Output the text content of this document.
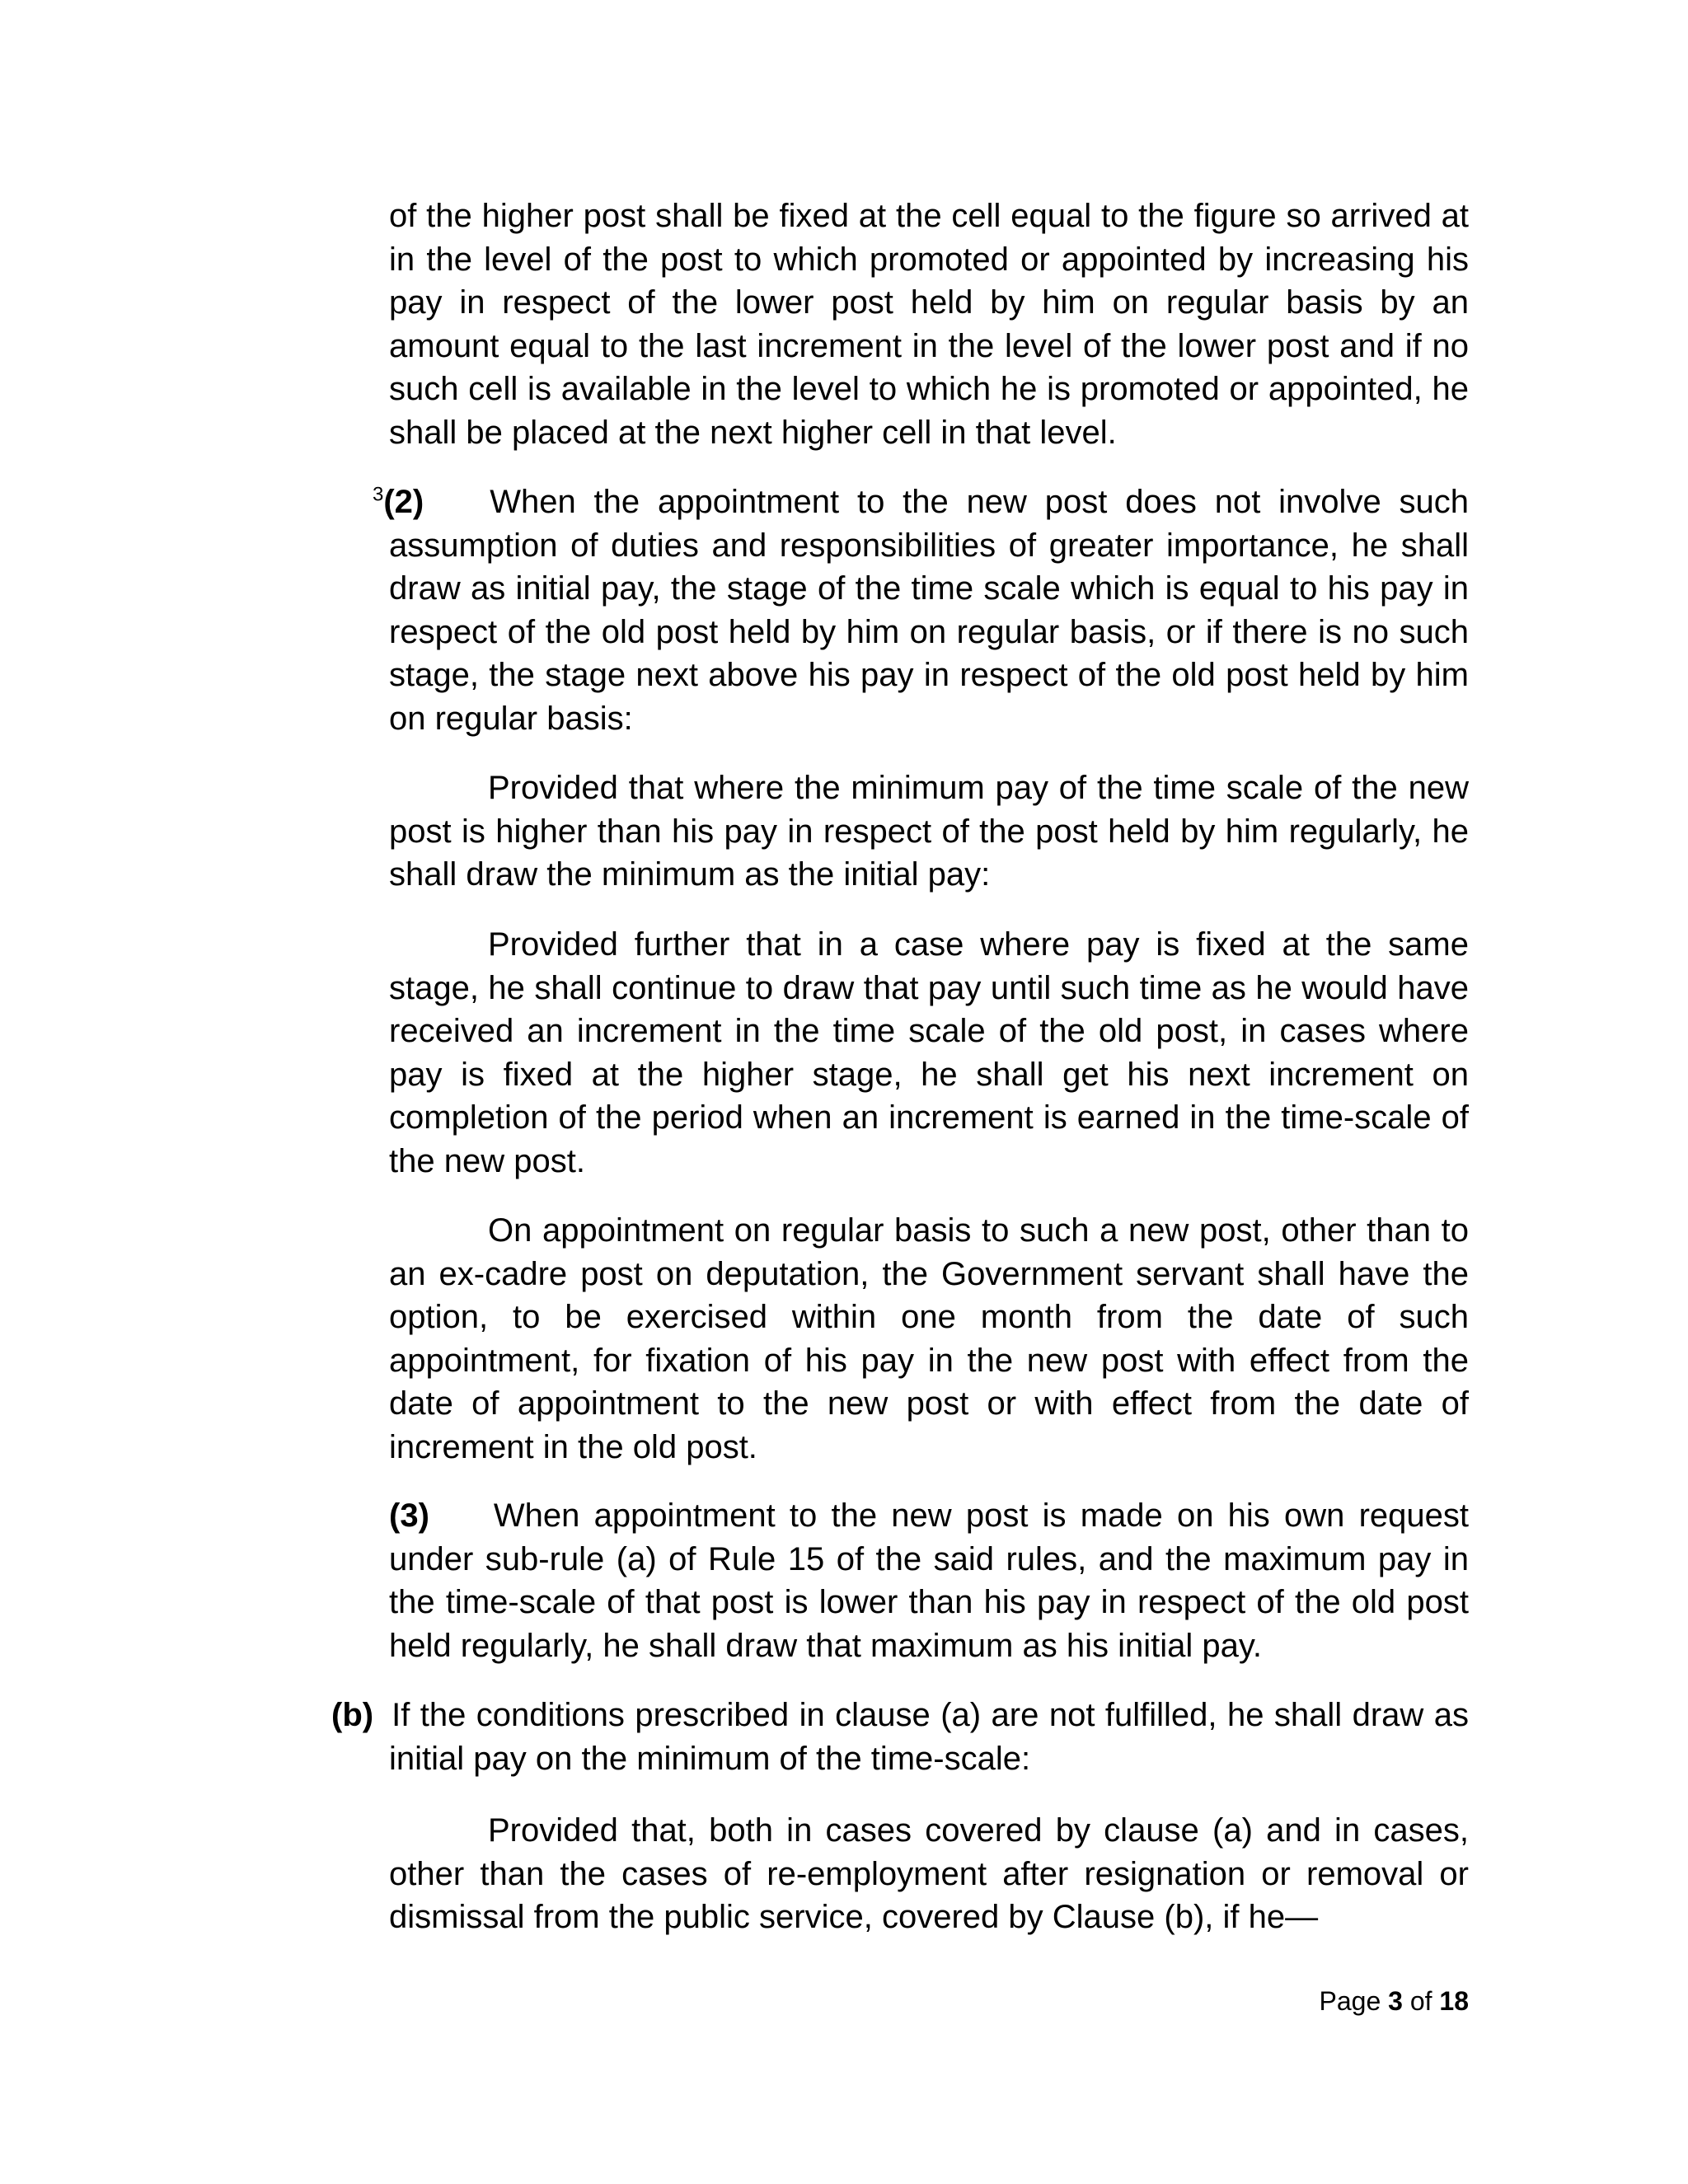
of the higher post shall be fixed at the cell equal to the figure so arrived at in the level of the post to which promoted or appointed by increasing his pay in respect of the lower post held by him on regular basis by an amount equal to the last increment in the level of the lower post and if no such cell is available in the level to which he is promoted or appointed, he shall be placed at the next higher cell in that level.

$^3$(2) When the appointment to the new post does not involve such assumption of duties and responsibilities of greater importance, he shall draw as initial pay, the stage of the time scale which is equal to his pay in respect of the old post held by him on regular basis, or if there is no such stage, the stage next above his pay in respect of the old post held by him on regular basis:

Provided that where the minimum pay of the time scale of the new post is higher than his pay in respect of the post held by him regularly, he shall draw the minimum as the initial pay:

Provided further that in a case where pay is fixed at the same stage, he shall continue to draw that pay until such time as he would have received an increment in the time scale of the old post, in cases where pay is fixed at the higher stage, he shall get his next increment on completion of the period when an increment is earned in the time-scale of the new post.

On appointment on regular basis to such a new post, other than to an ex-cadre post on deputation, the Government servant shall have the option, to be exercised within one month from the date of such appointment, for fixation of his pay in the new post with effect from the date of appointment to the new post or with effect from the date of increment in the old post.

(3) When appointment to the new post is made on his own request under sub-rule (a) of Rule 15 of the said rules, and the maximum pay in the time-scale of that post is lower than his pay in respect of the old post held regularly, he shall draw that maximum as his initial pay.

(b) If the conditions prescribed in clause (a) are not fulfilled, he shall draw as initial pay on the minimum of the time-scale:

Provided that, both in cases covered by clause (a) and in cases, other than the cases of re-employment after resignation or removal or dismissal from the public service, covered by Clause (b), if he—

Page 3 of 18
